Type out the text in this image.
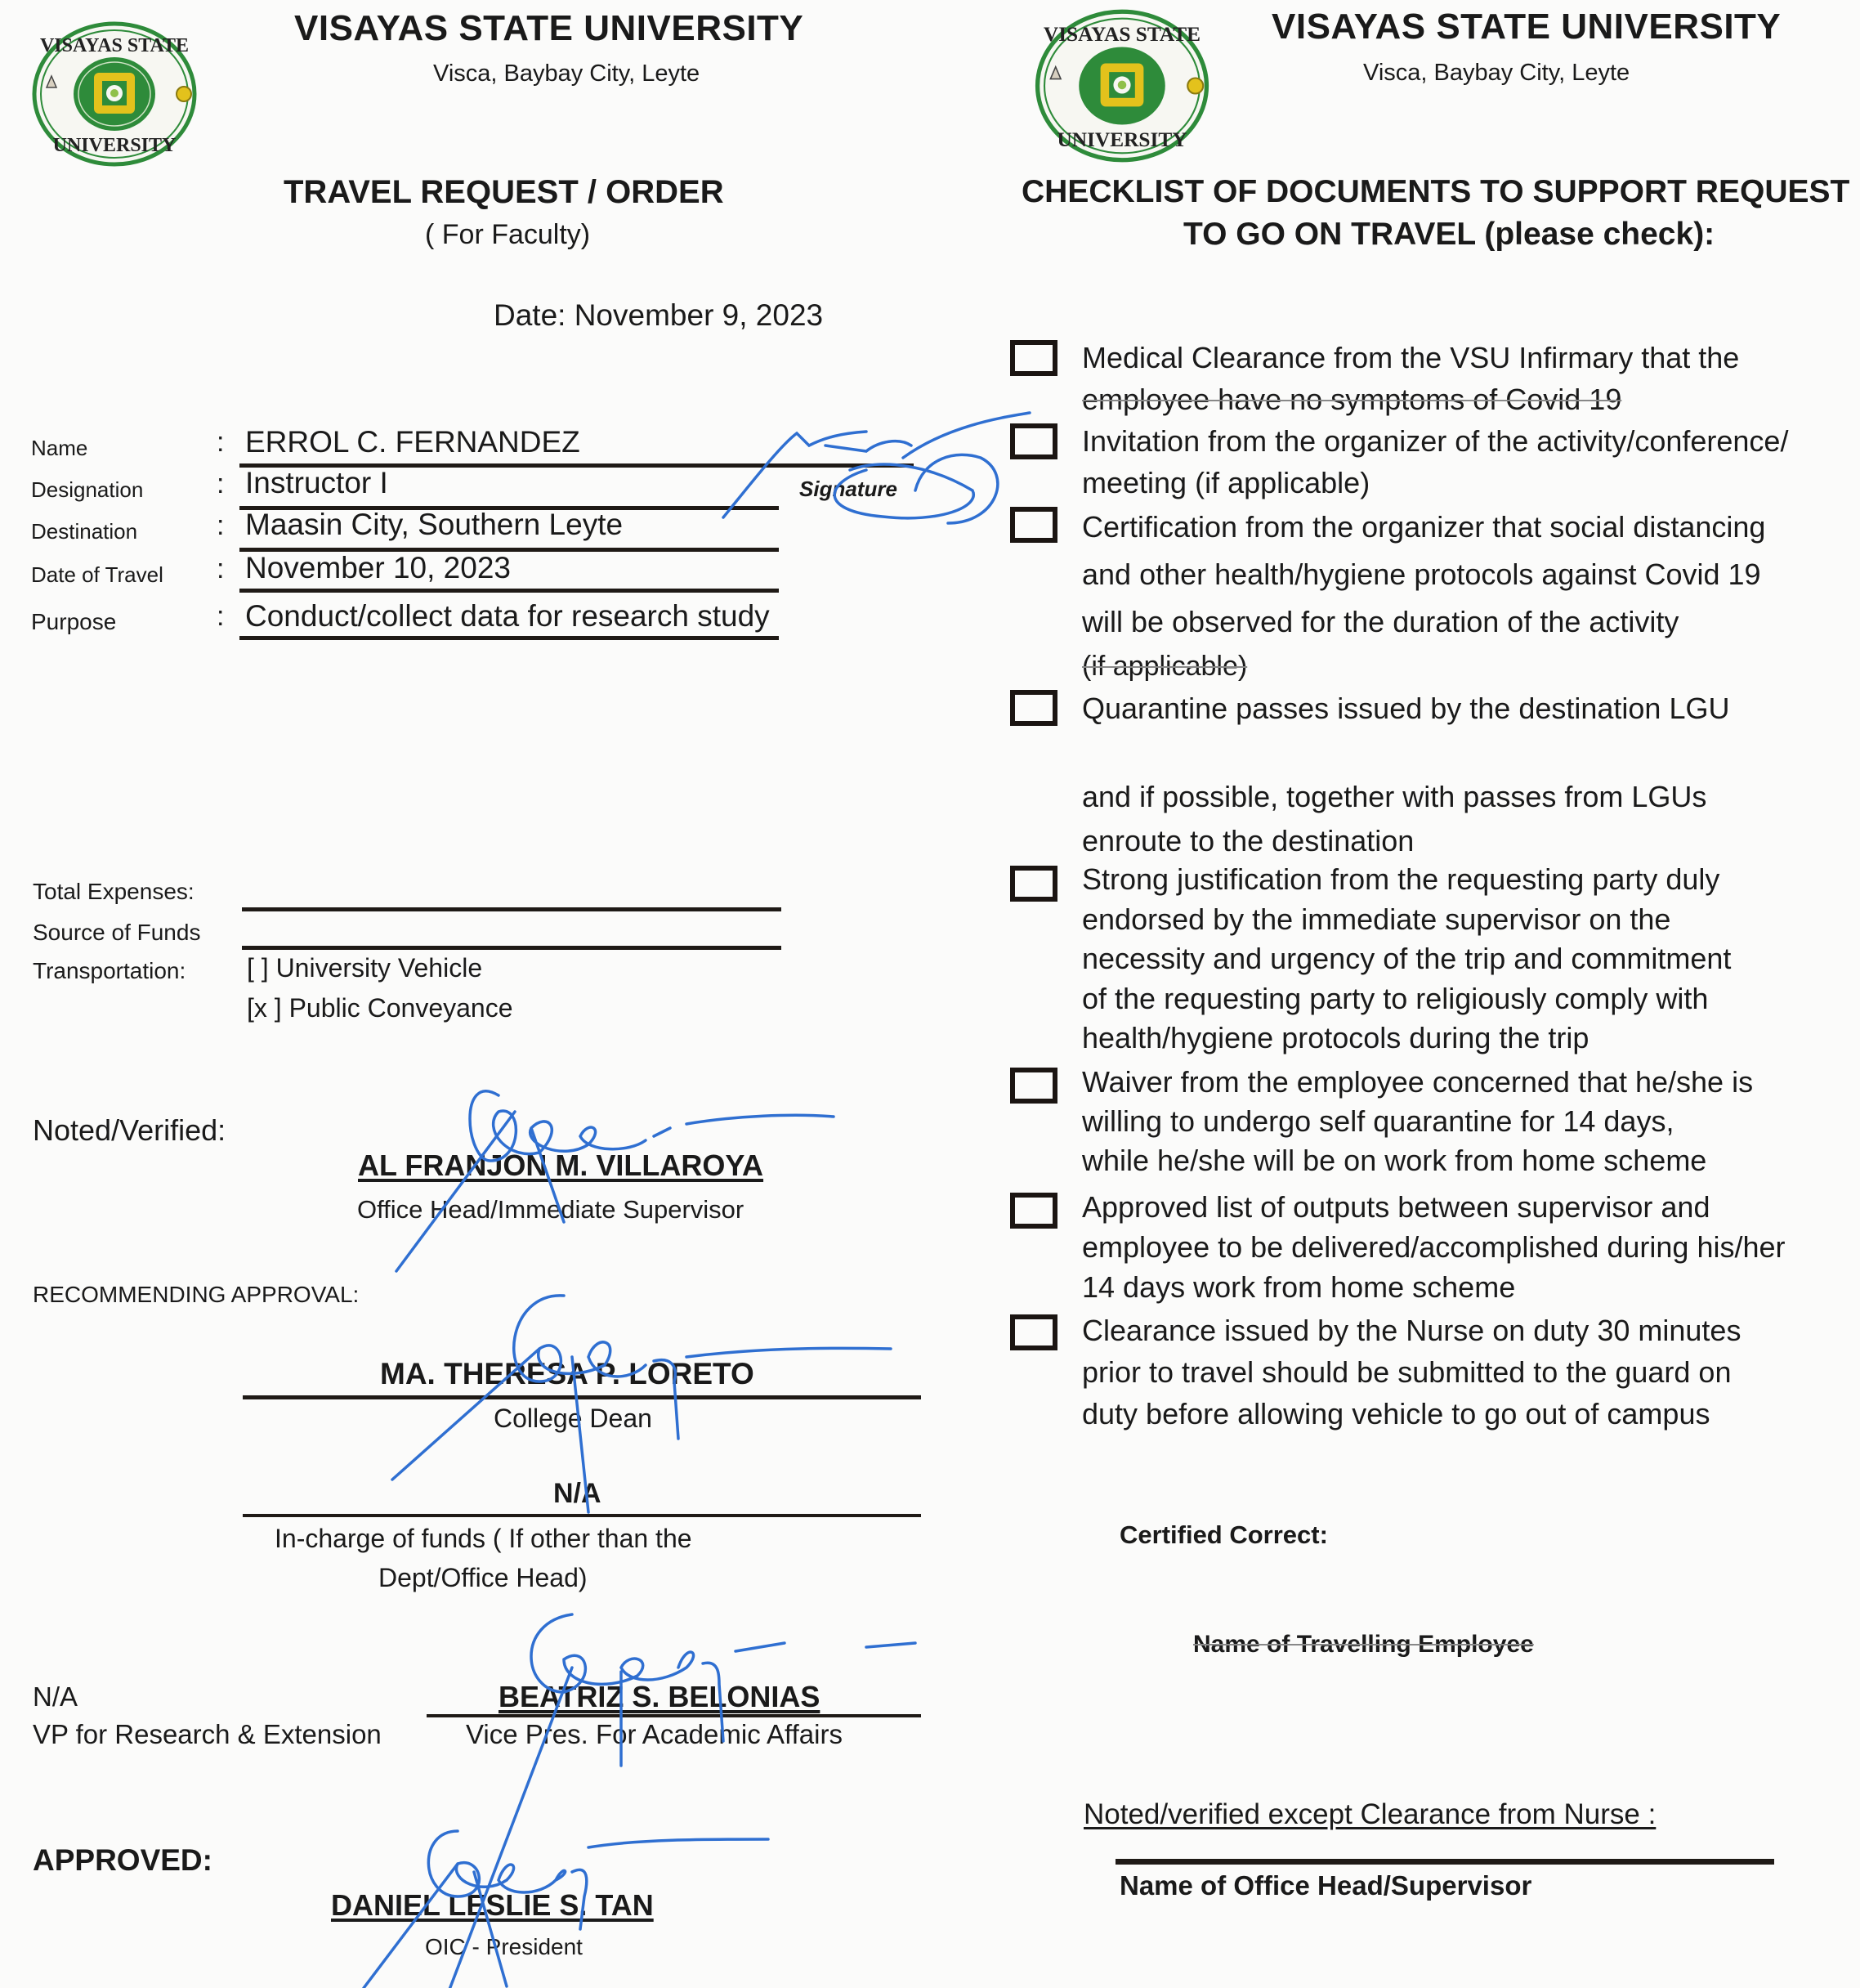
VISAYAS STATE
UNIVERSITY
VISAYAS STATE UNIVERSITY
Visca, Baybay City, Leyte
TRAVEL REQUEST / ORDER
( For Faculty)
Date: November 9, 2023
Name	: ERROL C. FERNANDEZ
Designation	: Instructor I
Destination	: Maasin City, Southern Leyte
Date of Travel : November 10, 2023
Purpose	: Conduct/collect data for research study
Signature
Total Expenses:
Source of Funds
Transportation: [ ] University Vehicle
[x ] Public Conveyance
Noted/Verified:
AL FRANJON M. VILLAROYA
Office Head/Immediate Supervisor
RECOMMENDING APPROVAL:
MA. THERESA P. LORETO
College Dean
N/A
In-charge of funds ( If other than the
Dept/Office Head)
N/A
VP for Research & Extension
BEATRIZ S. BELONIAS
Vice Pres. For Academic Affairs
APPROVED:
DANIEL LESLIE S. TAN
OIC - President
VISAYAS STATE
UNIVERSITY
VISAYAS STATE UNIVERSITY
Visca, Baybay City, Leyte
CHECKLIST OF DOCUMENTS TO SUPPORT REQUEST
TO GO ON TRAVEL (please check):
Medical Clearance from the VSU Infirmary that the
employee have no symptoms of Covid 19
Invitation from the organizer of the activity/conference/
meeting (if applicable)
Certification from the organizer that social distancing
and other health/hygiene protocols against Covid 19
will be observed for the duration of the activity
(if applicable)
Quarantine passes issued by the destination LGU
and if possible, together with passes from LGUs
enroute to the destination
Strong justification from the requesting party duly
endorsed by the immediate supervisor on the
necessity and urgency of the trip and commitment
of the requesting party to religiously comply with
health/hygiene protocols during the trip
Waiver from the employee concerned that he/she is
willing to undergo self quarantine for 14 days,
while he/she will be on work from home scheme
Approved list of outputs between supervisor and
employee to be delivered/accomplished during his/her
14 days work from home scheme
Clearance issued by the Nurse on duty 30 minutes
prior to travel should be submitted to the guard on
duty before allowing vehicle to go out of campus
Certified Correct:
Name of Travelling Employee
Noted/verified except Clearance from Nurse :
Name of Office Head/Supervisor
